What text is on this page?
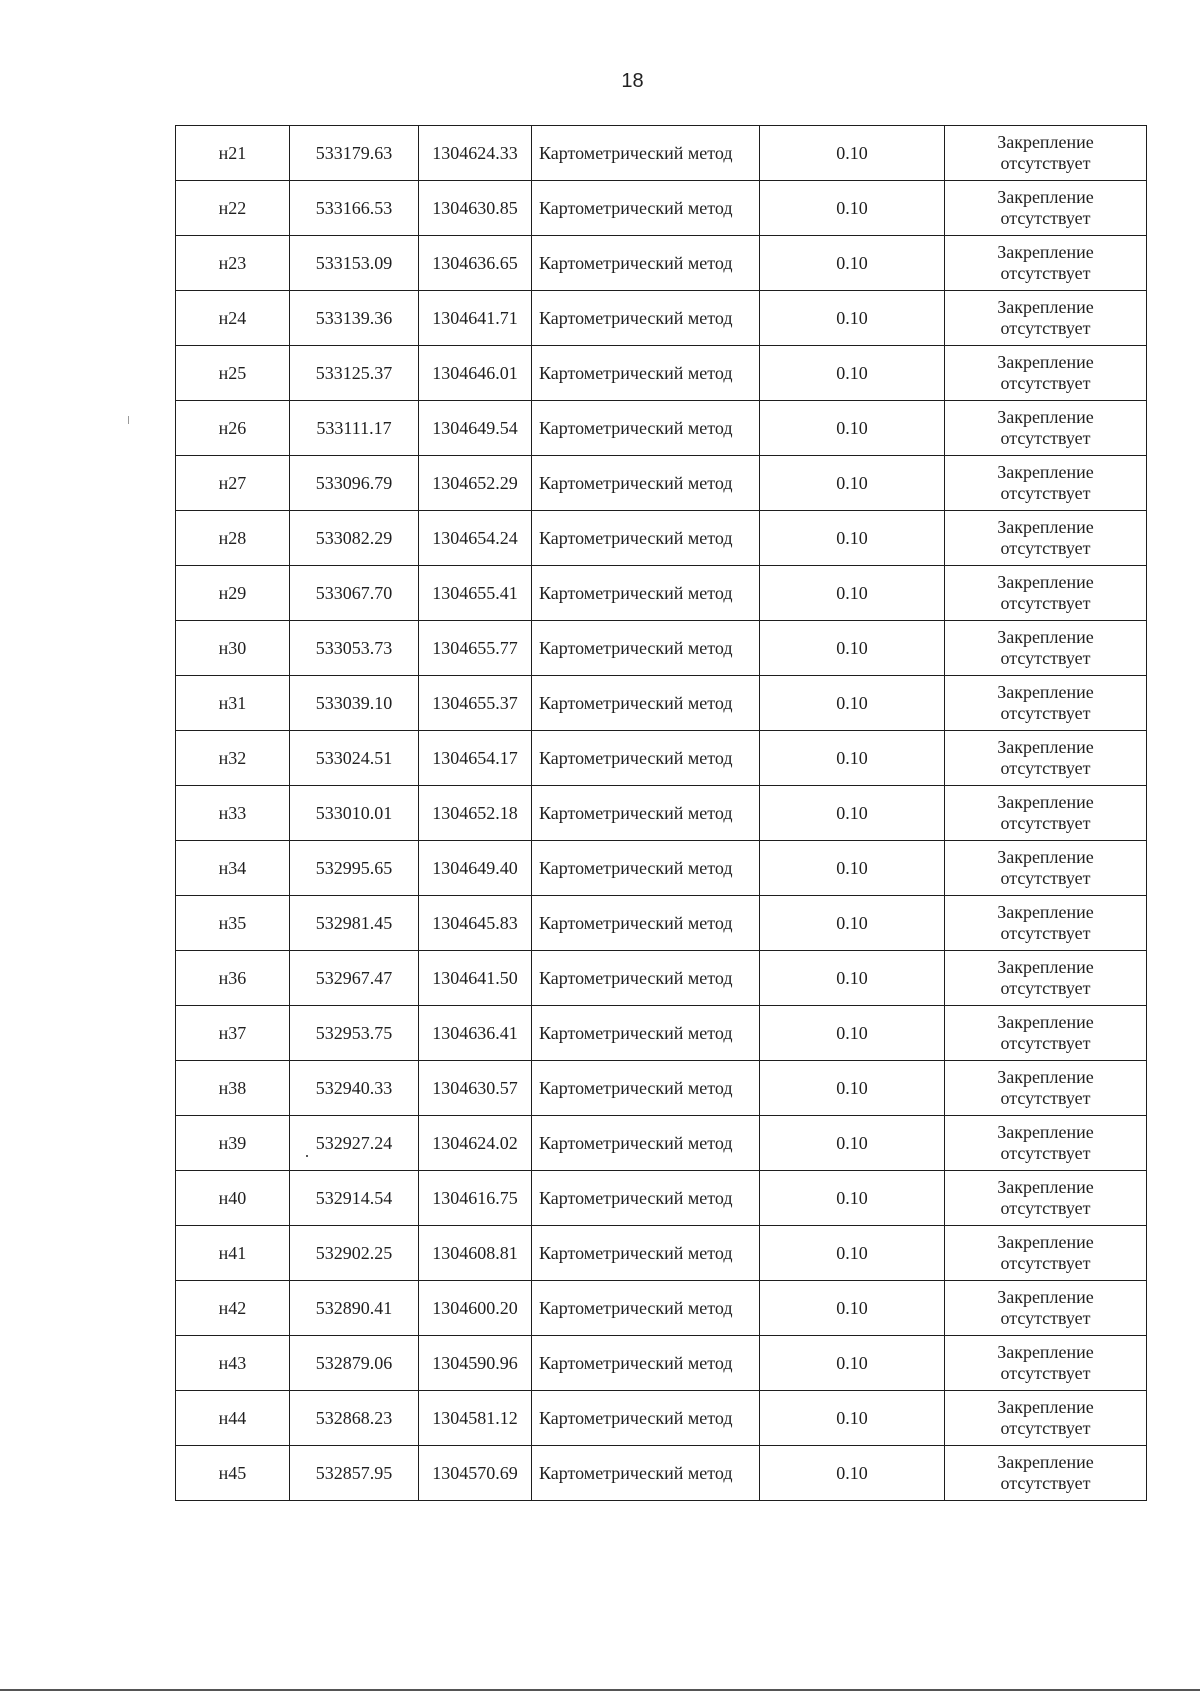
18
н21	533179.63	1304624.33	Картометрический метод	0.10	Закрепление
отсутствует

н22	533166.53	1304630.85	Картометрический метод	0.10	Закрепление
отсутствует

н23	533153.09	1304636.65	Картометрический метод	0.10	Закрепление
отсутствует

н24	533139.36	1304641.71	Картометрический метод	0.10	Закрепление
отсутствует

н25	533125.37	1304646.01	Картометрический метод	0.10	Закрепление
отсутствует

н26	533111.17	1304649.54	Картометрический метод	0.10	Закрепление
отсутствует

н27	533096.79	1304652.29	Картометрический метод	0.10	Закрепление
отсутствует

н28	533082.29	1304654.24	Картометрический метод	0.10	Закрепление
отсутствует

н29	533067.70	1304655.41	Картометрический метод	0.10	Закрепление
отсутствует

н30	533053.73	1304655.77	Картометрический метод	0.10	Закрепление
отсутствует

н31	533039.10	1304655.37	Картометрический метод	0.10	Закрепление
отсутствует

н32	533024.51	1304654.17	Картометрический метод	0.10	Закрепление
отсутствует

н33	533010.01	1304652.18	Картометрический метод	0.10	Закрепление
отсутствует

н34	532995.65	1304649.40	Картометрический метод	0.10	Закрепление
отсутствует

н35	532981.45	1304645.83	Картометрический метод	0.10	Закрепление
отсутствует

н36	532967.47	1304641.50	Картометрический метод	0.10	Закрепление
отсутствует

н37	532953.75	1304636.41	Картометрический метод	0.10	Закрепление
отсутствует

н38	532940.33	1304630.57	Картометрический метод	0.10	Закрепление
отсутствует

н39	532927.24	1304624.02	Картометрический метод	0.10	Закрепление
отсутствует

н40	532914.54	1304616.75	Картометрический метод	0.10	Закрепление
отсутствует

н41	532902.25	1304608.81	Картометрический метод	0.10	Закрепление
отсутствует

н42	532890.41	1304600.20	Картометрический метод	0.10	Закрепление
отсутствует

н43	532879.06	1304590.96	Картометрический метод	0.10	Закрепление
отсутствует

н44	532868.23	1304581.12	Картометрический метод	0.10	Закрепление
отсутствует

н45	532857.95	1304570.69	Картометрический метод	0.10	Закрепление
отсутствует
